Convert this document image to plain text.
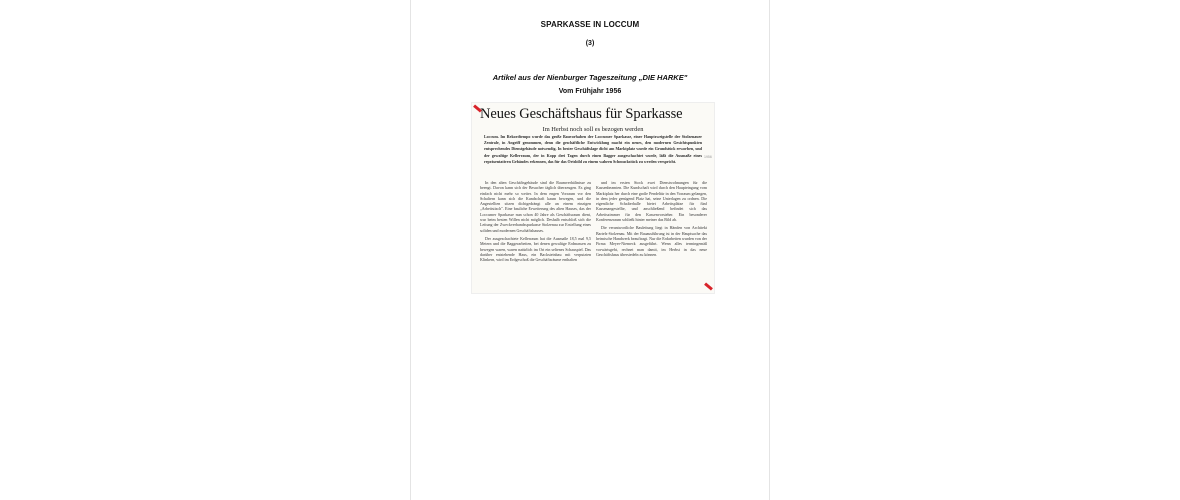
SPARKASSE IN LOCCUM
(3)
Artikel aus der Nienburger Tageszeitung „DIE HARKE"
Vom Frühjahr 1956
Neues Geschäftshaus für Sparkasse
Im Herbst noch soll es bezogen werden
Loccum. Im Rekordtempo wurde das große Bauvorhaben der Loccumer Sparkasse, einer Hauptzweigstelle der Stolzenauer Zentrale, in Angriff genommen, denn die geschäftliche Entwicklung macht ein neues, den modernen Gesichtspunkten entsprechendes Dienstgebäude notwendig. In bester Geschäftslage dicht am Marktplatz wurde ein Grundstück erworben, und der gewaltige Kellerraum, der in Kopp drei Tagen durch einen Bagger ausgeschachtet wurde, läßt die Ausmaße eines repräsentativen Gebäudes erkennen, das für das Ortsbild zu einem wahren Schmuckstück zu werden verspricht.

In den alten Geschäftsgebäude sind die Raumverhältnisse zu beengt. Davon kann sich der Besucher täglich überzeugen. Es ging einfach nicht mehr so weiter. In dem engen Vorraum vor den Schaltern kann sich die Kundschaft kaum bewegen, und die Angestellten sitzen dichtgedrängt alle an einem einzigen „Arbeitstisch". Eine bauliche Erweiterung des alten Hauses, das der Loccumer Sparkasse nun schon 40 Jahre als Geschäftsraum dient, war beim besten Willen nicht möglich. Deshalb entschloß sich die Leitung der Zweckverbandssparkasse Stolzenau zur Erstellung eines soliden und modernen Geschäftshauses.

Der ausgeschachtete Kellerraum hat die Ausmaße 18,5 mal 9,5 Metern und die Baggerarbeiten, bei denen gewaltige Erdmassen zu bewegen waren, waren natürlich im Ort ein seltenes Schauspiel. Das darüber entstehende Haus, ein Backsteinbau mit verputzten Klinkern, wird im Erdgeschoß die Geschäftsräume enthalten

und im ersten Stock zwei Dienstwohnungen für die Kassenbeamten. Die Kundschaft wird durch den Haupteingang vom Marktplatz her durch eine große Pendeltür in den Vorraum gelangen, in dem jeder genügend Platz hat, seine Unterlagen zu ordnen. Die eigentliche Schalterhalle bietet Arbeitsplätze für fünf Kassenangestellte, und anschließend befindet sich das Arbeitszimmer für den Kassenvorsteher. Ein besonderer Konferenzraum schließt hinter meiner das Bild ab.

Die verantwortliche Bauleitung liegt in Händen von Architekt Bartels-Stolzenau. Mit der Bauausführung ist in der Hauptsache das heimische Handwerk beauftragt. Nur die Erdarbeiten wurden von der Firma Meyer-Niemeck ausgeführt. Wenn alles termingemäß vorwärtsgeht, rechnet man damit, im Herbst in das neue Geschäftshaus übersiedeln zu können.

1956
